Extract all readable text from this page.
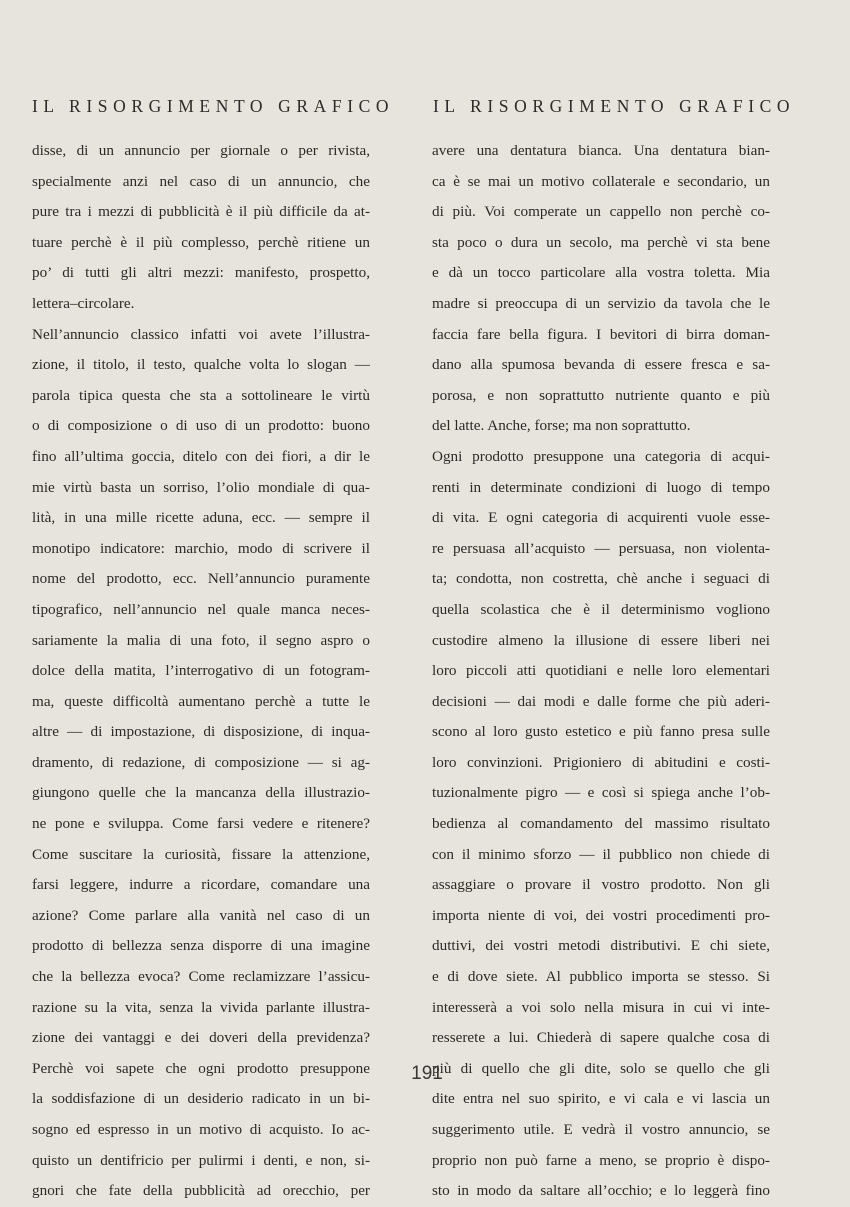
IL RISORGIMENTO GRAFICO IL RISORGIMENTO GRAFICO
disse, di un annuncio per giornale o per rivista,
specialmente anzi nel caso di un annuncio, che
pure tra i mezzi di pubblicità è il più difficile da at-
tuare perchè è il più complesso, perchè ritiene un
po’ di tutti gli altri mezzi: manifesto, prospetto,
lettera–circolare.
Nell’annuncio classico infatti voi avete l’illustra-
zione, il titolo, il testo, qualche volta lo slogan —
parola tipica questa che sta a sottolineare le virtù
o di composizione o di uso di un prodotto: buono
fino all’ultima goccia, ditelo con dei fiori, a dir le
mie virtù basta un sorriso, l’olio mondiale di qua-
lità, in una mille ricette aduna, ecc. — sempre il
monotipo indicatore: marchio, modo di scrivere il
nome del prodotto, ecc. Nell’annuncio puramente
tipografico, nell’annuncio nel quale manca neces-
sariamente la malia di una foto, il segno aspro o
dolce della matita, l’interrogativo di un fotogram-
ma, queste difficoltà aumentano perchè a tutte le
altre — di impostazione, di disposizione, di inqua-
dramento, di redazione, di composizione — si ag-
giungono quelle che la mancanza della illustrazio-
ne pone e sviluppa. Come farsi vedere e ritenere?
Come suscitare la curiosità, fissare la attenzione,
farsi leggere, indurre a ricordare, comandare una
azione? Come parlare alla vanità nel caso di un
prodotto di bellezza senza disporre di una imagine
che la bellezza evoca? Come reclamizzare l’assicu-
razione su la vita, senza la vivida parlante illustra-
zione dei vantaggi e dei doveri della previdenza?
Perchè voi sapete che ogni prodotto presuppone
la soddisfazione di un desiderio radicato in un bi-
sogno ed espresso in un motivo di acquisto. Io ac-
quisto un dentifricio per pulirmi i denti, e non, si-
gnori che fate della pubblicità ad orecchio, per
avere una dentatura bianca. Una dentatura bian-
ca è se mai un motivo collaterale e secondario, un
di più. Voi comperate un cappello non perchè co-
sta poco o dura un secolo, ma perchè vi sta bene
e dà un tocco particolare alla vostra toletta. Mia
madre si preoccupa di un servizio da tavola che le
faccia fare bella figura. I bevitori di birra doman-
dano alla spumosa bevanda di essere fresca e sa-
porosa, e non soprattutto nutriente quanto e più
del latte. Anche, forse; ma non soprattutto.
Ogni prodotto presuppone una categoria di acqui-
renti in determinate condizioni di luogo di tempo
di vita. E ogni categoria di acquirenti vuole esse-
re persuasa all’acquisto — persuasa, non violenta-
ta; condotta, non costretta, chè anche i seguaci di
quella scolastica che è il determinismo vogliono
custodire almeno la illusione di essere liberi nei
loro piccoli atti quotidiani e nelle loro elementari
decisioni — dai modi e dalle forme che più aderi-
scono al loro gusto estetico e più fanno presa sulle
loro convinzioni. Prigioniero di abitudini e costi-
tuzionalmente pigro — e così si spiega anche l’ob-
bedienza al comandamento del massimo risultato
con il minimo sforzo — il pubblico non chiede di
assaggiare o provare il vostro prodotto. Non gli
importa niente di voi, dei vostri procedimenti pro-
duttivi, dei vostri metodi distributivi. E chi siete,
e di dove siete. Al pubblico importa se stesso. Si
interesserà a voi solo nella misura in cui vi inte-
resserete a lui. Chiederà di sapere qualche cosa di
più di quello che gli dite, solo se quello che gli
dite entra nel suo spirito, e vi cala e vi lascia un
suggerimento utile. E vedrà il vostro annuncio, se
proprio non può farne a meno, se proprio è dispo-
sto in modo da saltare all’occhio; e lo leggerà fino
191
